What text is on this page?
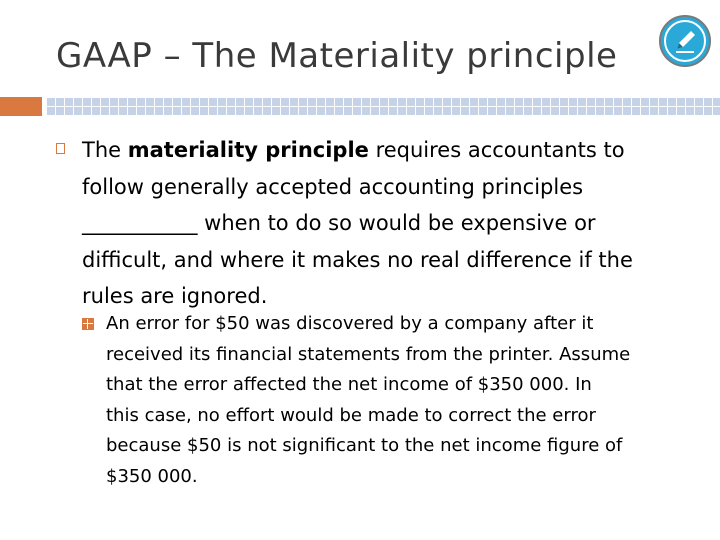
GAAP – The Materiality principle
The materiality principle requires accountants to
follow generally accepted accounting principles
___________ when to do so would be expensive or
difficult, and where it makes no real difference if the
rules are ignored.
An error for $50 was discovered by a company after it
received its financial statements from the printer. Assume
that the error affected the net income of $350 000. In
this case, no effort would be made to correct the error
because $50 is not significant to the net income figure of
$350 000.
